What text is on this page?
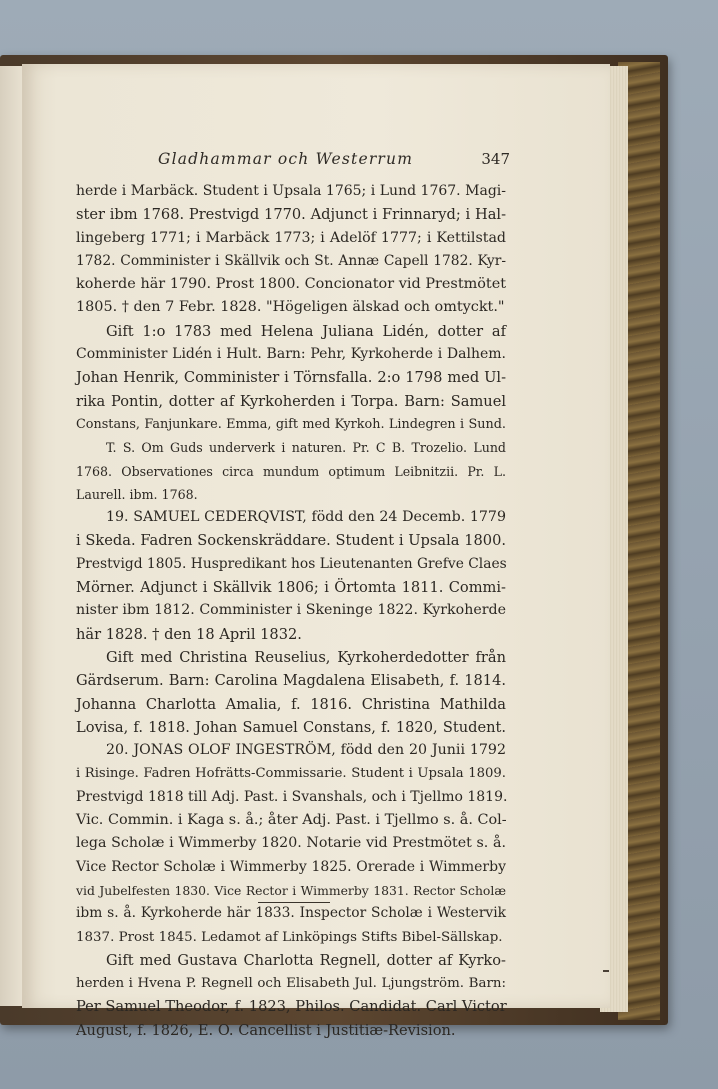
Gladhammar och Westerrum	347
herde i Marbäck. Student i Upsala 1765; i Lund 1767. Magi-
ster ibm 1768. Prestvigd 1770. Adjunct i Frinnaryd; i Hal-
lingeberg 1771; i Marbäck 1773; i Adelöf 1777; i Kettilstad
1782. Comminister i Skällvik och St. Annæ Capell 1782. Kyr-
koherde här 1790. Prost 1800. Concionator vid Prestmötet
1805. † den 7 Febr. 1828. "Högeligen älskad och omtyckt."
Gift 1:o 1783 med Helena Juliana Lidén, dotter af
Comminister Lidén i Hult. Barn: Pehr, Kyrkoherde i Dalhem.
Johan Henrik, Comminister i Törnsfalla. 2:o 1798 med Ul-
rika Pontin, dotter af Kyrkoherden i Torpa. Barn: Samuel
Constans, Fanjunkare. Emma, gift med Kyrkoh. Lindegren i Sund.
T. S. Om Guds underverk i naturen. Pr. C B. Trozelio. Lund
1768. Observationes circa mundum optimum Leibnitzii. Pr. L.
Laurell. ibm. 1768.
19. SAMUEL CEDERQVIST, född den 24 Decemb. 1779
i Skeda. Fadren Sockenskräddare. Student i Upsala 1800.
Prestvigd 1805. Huspredikant hos Lieutenanten Grefve Claes
Mörner. Adjunct i Skällvik 1806; i Örtomta 1811. Commi-
nister ibm 1812. Comminister i Skeninge 1822. Kyrkoherde
här 1828. † den 18 April 1832.
Gift med Christina Reuselius, Kyrkoherdedotter från
Gärdserum. Barn: Carolina Magdalena Elisabeth, f. 1814.
Johanna Charlotta Amalia, f. 1816. Christina Mathilda
Lovisa, f. 1818. Johan Samuel Constans, f. 1820, Student.
20. JONAS OLOF INGESTRÖM, född den 20 Junii 1792
i Risinge. Fadren Hofrätts-Commissarie. Student i Upsala 1809.
Prestvigd 1818 till Adj. Past. i Svanshals, och i Tjellmo 1819.
Vic. Commin. i Kaga s. å.; åter Adj. Past. i Tjellmo s. å. Col-
lega Scholæ i Wimmerby 1820. Notarie vid Prestmötet s. å.
Vice Rector Scholæ i Wimmerby 1825. Orerade i Wimmerby
vid Jubelfesten 1830. Vice Rector i Wimmerby 1831. Rector Scholæ
ibm s. å. Kyrkoherde här 1833. Inspector Scholæ i Westervik
1837. Prost 1845. Ledamot af Linköpings Stifts Bibel-Sällskap.
Gift med Gustava Charlotta Regnell, dotter af Kyrko-
herden i Hvena P. Regnell och Elisabeth Jul. Ljungström. Barn:
Per Samuel Theodor, f. 1823, Philos. Candidat. Carl Victor
August, f. 1826, E. O. Cancellist i Justitiæ-Revision.
